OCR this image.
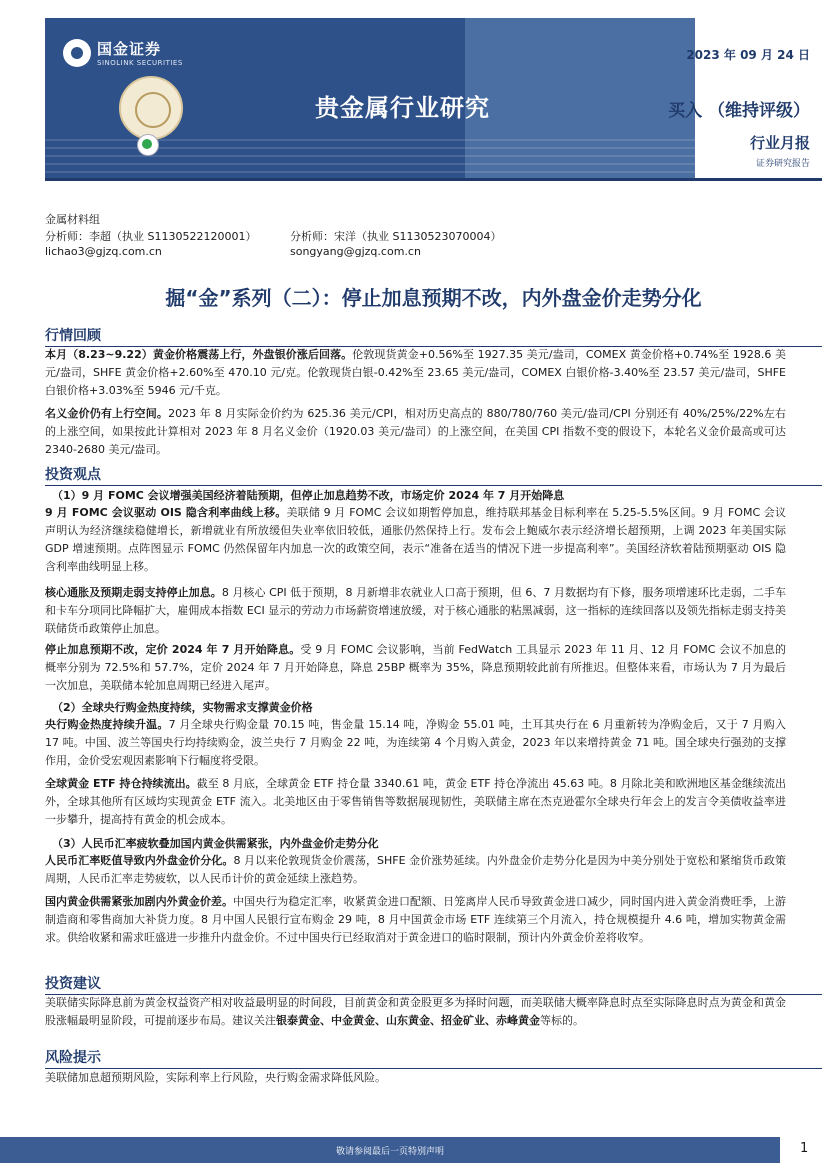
国金证券
SINOLINK SECURITIES
贵金属行业研究
2023 年 09 月 24 日
买入 （维持评级）
行业月报
证券研究报告
金属材料组
分析师：李超（执业 S1130522120001）	分析师：宋洋（执业 S1130523070004）
lichao3@gjzq.com.cn	songyang@gjzq.com.cn
掘“金”系列（二）：停止加息预期不改，内外盘金价走势分化
行情回顾
本月（8.23~9.22）黄金价格震荡上行，外盘银价涨后回落。伦敦现货黄金+0.56%至 1927.35 美元/盎司，COMEX 黄金价格+0.74%至 1928.6 美元/盎司，SHFE 黄金价格+2.60%至 470.10 元/克。伦敦现货白银-0.42%至 23.65 美元/盎司，COMEX 白银价格-3.40%至 23.57 美元/盎司，SHFE 白银价格+3.03%至 5946 元/千克。
名义金价仍有上行空间。2023 年 8 月实际金价约为 625.36 美元/CPI，相对历史高点的 880/780/760 美元/盎司/CPI 分别还有 40%/25%/22%左右的上涨空间，如果按此计算相对 2023 年 8 月名义金价（1920.03 美元/盎司）的上涨空间，在美国 CPI 指数不变的假设下，本轮名义金价最高或可达 2340-2680 美元/盎司。
投资观点
（1）9 月 FOMC 会议增强美国经济着陆预期，但停止加息趋势不改，市场定价 2024 年 7 月开始降息
9 月 FOMC 会议驱动 OIS 隐含利率曲线上移。美联储 9 月 FOMC 会议如期暂停加息，维持联邦基金目标利率在 5.25-5.5%区间。9 月 FOMC 会议声明认为经济继续稳健增长，新增就业有所放缓但失业率依旧较低，通胀仍然保持上行。发布会上鲍威尔表示经济增长超预期，上调 2023 年美国实际 GDP 增速预期。点阵图显示 FOMC 仍然保留年内加息一次的政策空间，表示“准备在适当的情况下进一步提高利率”。美国经济软着陆预期驱动 OIS 隐含利率曲线明显上移。
核心通胀及预期走弱支持停止加息。8 月核心 CPI 低于预期，8 月新增非农就业人口高于预期，但 6、7 月数据均有下修，服务项增速环比走弱，二手车和卡车分项同比降幅扩大，雇佣成本指数 ECI 显示的劳动力市场薪资增速放缓，对于核心通胀的粘黑减弱，这一指标的连续回落以及领先指标走弱支持美联储货币政策停止加息。
停止加息预期不改，定价 2024 年 7 月开始降息。受 9 月 FOMC 会议影响，当前 FedWatch 工具显示 2023 年 11 月、12 月 FOMC 会议不加息的概率分别为 72.5%和 57.7%，定价 2024 年 7 月开始降息，降息 25BP 概率为 35%，降息预期较此前有所推迟。但整体来看，市场认为 7 月为最后一次加息，美联储本轮加息周期已经进入尾声。
（2）全球央行购金热度持续，实物需求支撑黄金价格
央行购金热度持续升温。7 月全球央行购金量 70.15 吨，售金量 15.14 吨，净购金 55.01 吨，土耳其央行在 6 月重新转为净购金后，又于 7 月购入 17 吨。中国、波兰等国央行均持续购金，波兰央行 7 月购金 22 吨，为连续第 4 个月购入黄金，2023 年以来增持黄金 71 吨。国全球央行强劲的支撑作用，金价受宏观因素影响下行幅度将受限。
全球黄金 ETF 持仓持续流出。截至 8 月底，全球黄金 ETF 持仓量 3340.61 吨，黄金 ETF 持仓净流出 45.63 吨。8 月除北美和欧洲地区基金继续流出外，全球其他所有区域均实现黄金 ETF 流入。北美地区由于零售销售等数据展现韧性，美联储主席在杰克逊霍尔全球央行年会上的发言令美债收益率进一步攀升，提高持有黄金的机会成本。
（3）人民币汇率疲软叠加国内黄金供需紧张，内外盘金价走势分化
人民币汇率贬值导致内外盘金价分化。8 月以来伦敦现货金价震荡，SHFE 金价涨势延续。内外盘金价走势分化是因为中美分别处于宽松和紧缩货币政策周期，人民币汇率走势疲软，以人民币计价的黄金延续上涨趋势。
国内黄金供需紧张加剧内外黄金价差。中国央行为稳定汇率，收紧黄金进口配额、日笼离岸人民币导致黄金进口减少，同时国内进入黄金消费旺季，上游制造商和零售商加大补货力度。8 月中国人民银行宣布购金 29 吨，8 月中国黄金市场 ETF 连续第三个月流入，持仓规模提升 4.6 吨，增加实物黄金需求。供给收紧和需求旺盛进一步推升内盘金价。不过中国央行已经取消对于黄金进口的临时限制，预计内外黄金价差将收窄。
投资建议
美联储实际降息前为黄金权益资产相对收益最明显的时间段，目前黄金和黄金股更多为择时问题，而美联储大概率降息时点至实际降息时点为黄金和黄金股涨幅最明显阶段，可提前逐步布局。建议关注银泰黄金、中金黄金、山东黄金、招金矿业、赤峰黄金等标的。
风险提示
美联储加息超预期风险，实际利率上行风险，央行购金需求降低风险。
敬请参阅最后一页特别声明	1
